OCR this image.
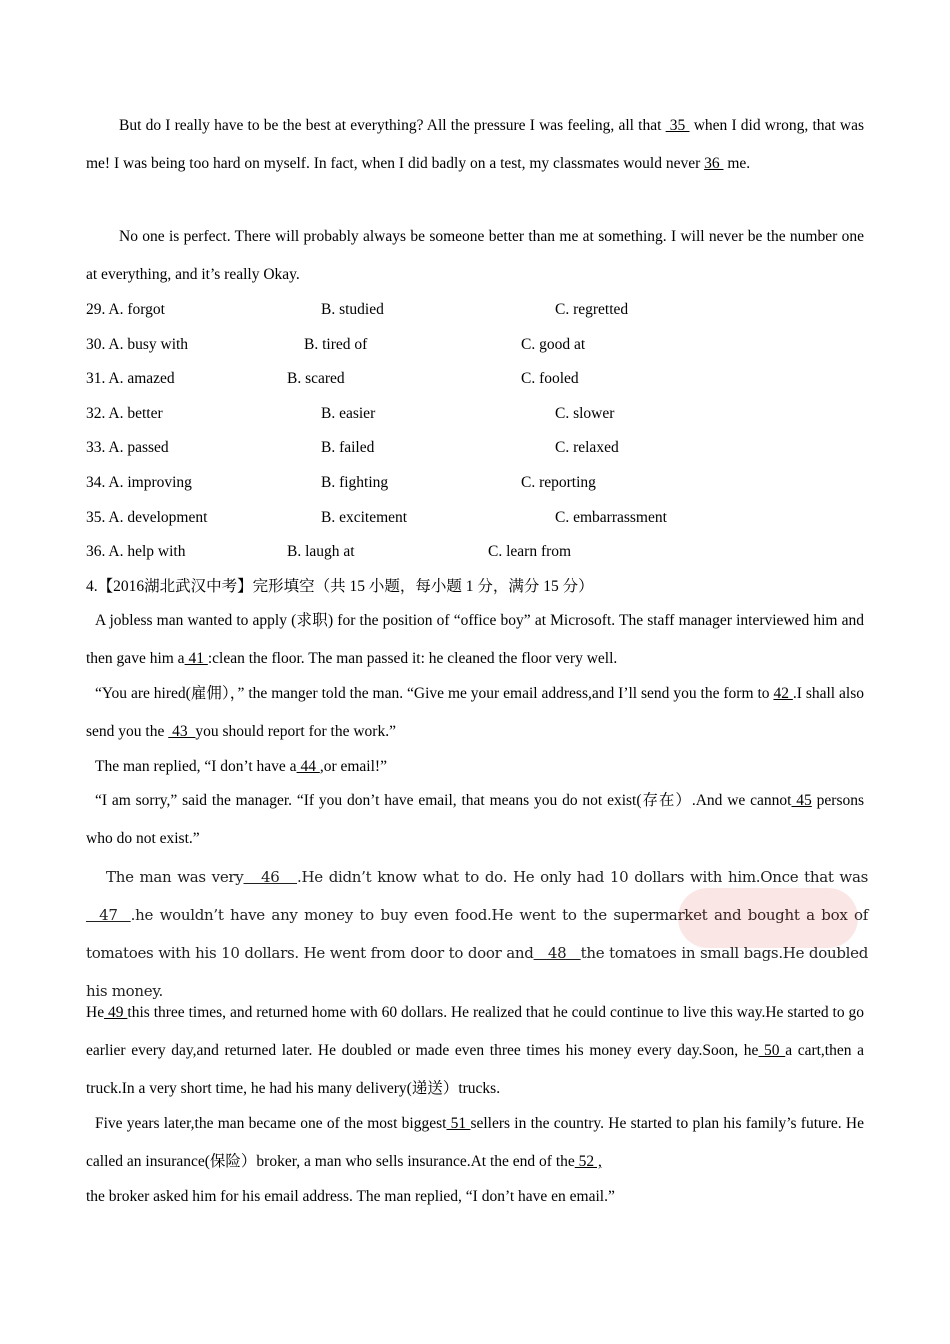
But do I really have to be the best at everything? All the pressure I was feeling, all that  35  when I did wrong, that was me! I was being too hard on myself. In fact, when I did badly on a test, my classmates would never 36  me.
No one is perfect. There will probably always be someone better than me at something. I will never be the number one at everything, and it’s really Okay.
29. A. forgot	B. studied	C. regretted
30. A. busy with	B. tired of	C. good at
31. A. amazed	B. scared	C. fooled
32. A. better	B. easier	C. slower
33. A. passed	B. failed	C. relaxed
34. A. improving	B. fighting	C. reporting
35. A. development	B. excitement	C. embarrassment
36. A. help with	B. laugh at	C. learn from
4.【2016湖北武汉中考】完形填空（共 15 小题，每小题 1 分，满分 15 分）
A jobless man wanted to apply (求职) for the position of “office boy” at Microsoft. The staff manager interviewed him and then gave him a 41 :clean the floor. The man passed it: he cleaned the floor very well.
“You are hired(雇佣），” the manger told the man. “Give me your email address,and I’ll send you the form to 42 .I shall also send you the  43  you should report for the work.”
The man replied, “I don’t have a 44 ,or email!”
“I am sorry,” said the manager. “If you don’t have email, that means you do not exist(存在）.And we cannot 45 persons who do not exist.”
The man was very   46   .He didn’t know what to do. He only had 10 dollars with him.Once that was   47  .he wouldn’t have any money to buy even food.He went to the supermarket and bought a box of tomatoes with his 10 dollars. He went from door to door and   48   the tomatoes in small bags.He doubled his money.
He 49 this three times, and returned home with 60 dollars. He realized that he could continue to live this way.He started to go earlier every day,and returned later. He doubled or made even three times his money every day.Soon, he 50 a cart,then a truck.In a very short time, he had his many delivery(递送）trucks.
Five years later,the man became one of the most biggest 51 sellers in the country. He started to plan his family’s future. He called an insurance(保险）broker, a man who sells insurance.At the end of the 52 ,
the broker asked him for his email address. The man replied, “I don’t have en email.”
